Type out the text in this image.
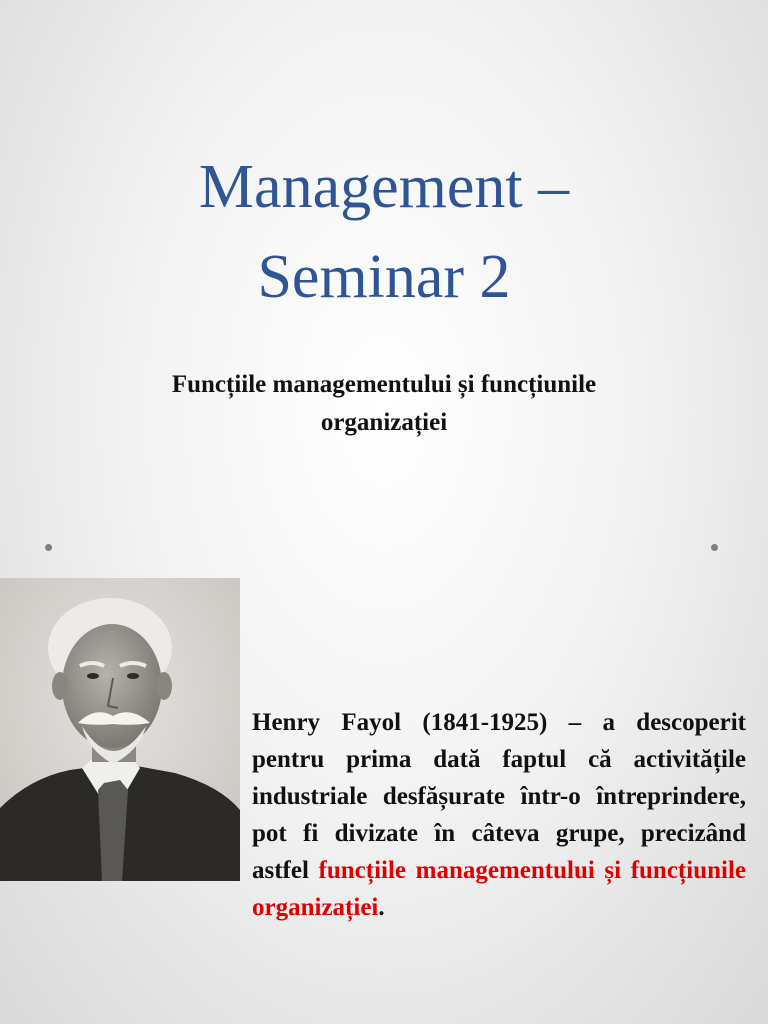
Management –
Seminar 2
Funcțiile managementului și funcțiunile
organizației

Henry Fayol (1841-1925) – a descoperit pentru prima dată faptul că activitățile industriale desfășurate într-o întreprindere, pot fi divizate în câteva grupe, precizând astfel funcțiile managementului și funcțiunile organizației.
